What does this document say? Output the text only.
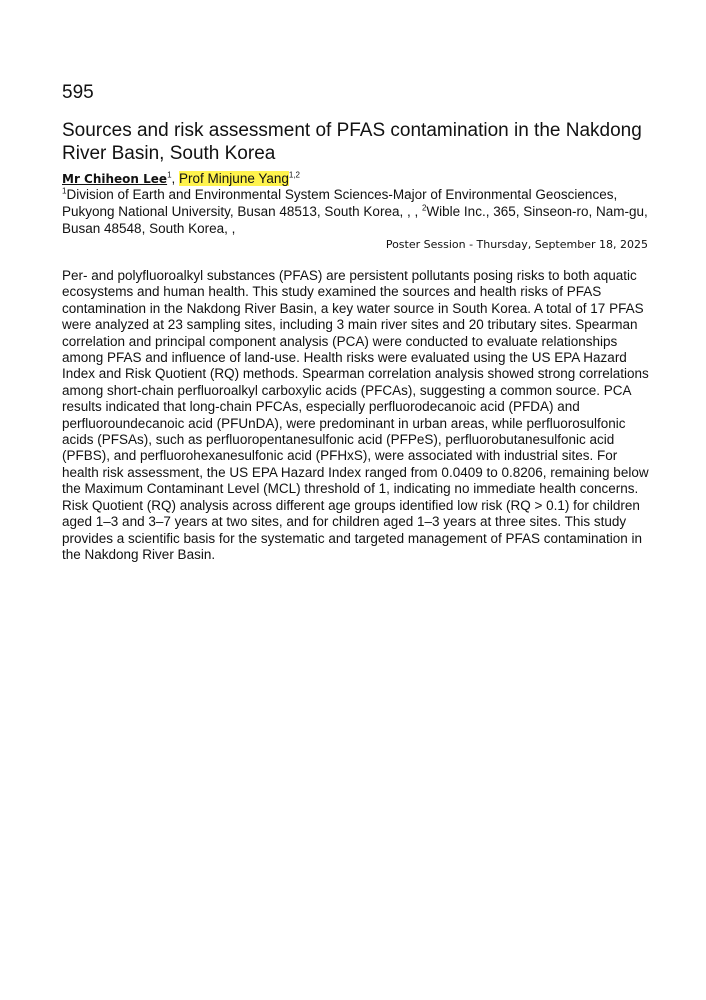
595
Sources and risk assessment of PFAS contamination in the Nakdong River Basin, South Korea
Mr Chiheon Lee$^1$, Prof Minjune Yang$^{1,2}$
$^1$Division of Earth and Environmental System Sciences-Major of Environmental Geosciences, Pukyong National University, Busan 48513, South Korea, , , $^2$Wible Inc., 365, Sinseon-ro, Nam-gu, Busan 48548, South Korea, ,
Poster Session - Thursday, September 18, 2025

Per- and polyfluoroalkyl substances (PFAS) are persistent pollutants posing risks to both aquatic ecosystems and human health. This study examined the sources and health risks of PFAS contamination in the Nakdong River Basin, a key water source in South Korea. A total of 17 PFAS were analyzed at 23 sampling sites, including 3 main river sites and 20 tributary sites. Spearman correlation and principal component analysis (PCA) were conducted to evaluate relationships among PFAS and influence of land-use. Health risks were evaluated using the US EPA Hazard Index and Risk Quotient (RQ) methods. Spearman correlation analysis showed strong correlations among short-chain perfluoroalkyl carboxylic acids (PFCAs), suggesting a common source. PCA results indicated that long-chain PFCAs, especially perfluorodecanoic acid (PFDA) and perfluoroundecanoic acid (PFUnDA), were predominant in urban areas, while perfluorosulfonic acids (PFSAs), such as perfluoropentanesulfonic acid (PFPeS), perfluorobutanesulfonic acid (PFBS), and perfluorohexanesulfonic acid (PFHxS), were associated with industrial sites. For health risk assessment, the US EPA Hazard Index ranged from 0.0409 to 0.8206, remaining below the Maximum Contaminant Level (MCL) threshold of 1, indicating no immediate health concerns. Risk Quotient (RQ) analysis across different age groups identified low risk (RQ > 0.1) for children aged 1–3 and 3–7 years at two sites, and for children aged 1–3 years at three sites. This study provides a scientific basis for the systematic and targeted management of PFAS contamination in the Nakdong River Basin.
